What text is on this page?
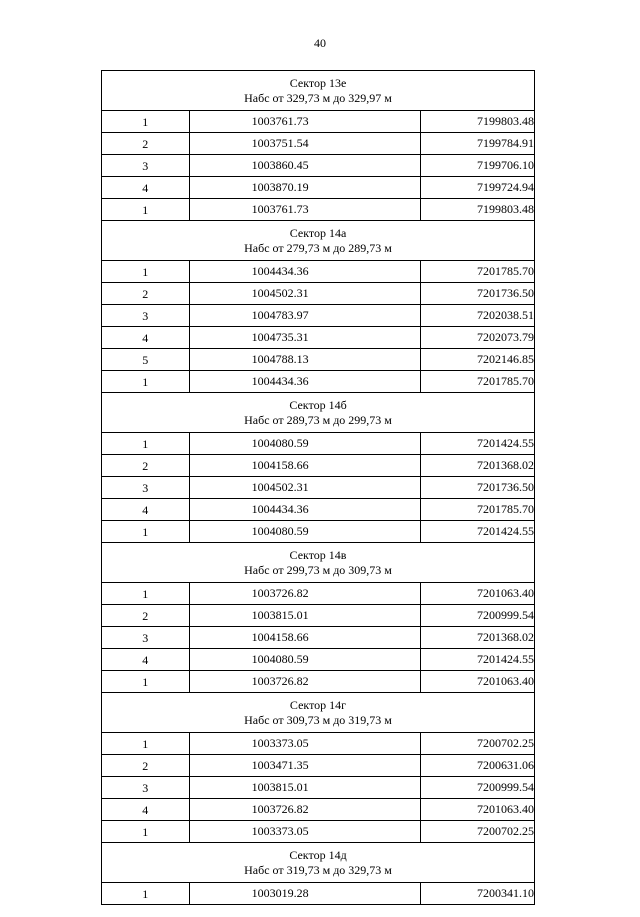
40
Сектор 13е
Набс от 329,73 м до 329,97 м		

1	1003761.73	7199803.48
2	1003751.54	7199784.91
3	1003860.45	7199706.10
4	1003870.19	7199724.94
1	1003761.73	7199803.48

Сектор 14а
Набс от 279,73 м до 289,73 м		

1	1004434.36	7201785.70
2	1004502.31	7201736.50
3	1004783.97	7202038.51
4	1004735.31	7202073.79
5	1004788.13	7202146.85
1	1004434.36	7201785.70

Сектор 14б
Набс от 289,73 м до 299,73 м		

1	1004080.59	7201424.55
2	1004158.66	7201368.02
3	1004502.31	7201736.50
4	1004434.36	7201785.70
1	1004080.59	7201424.55

Сектор 14в
Набс от 299,73 м до 309,73 м		

1	1003726.82	7201063.40
2	1003815.01	7200999.54
3	1004158.66	7201368.02
4	1004080.59	7201424.55
1	1003726.82	7201063.40

Сектор 14г
Набс от 309,73 м до 319,73 м		

1	1003373.05	7200702.25
2	1003471.35	7200631.06
3	1003815.01	7200999.54
4	1003726.82	7201063.40
1	1003373.05	7200702.25

Сектор 14д
Набс от 319,73 м до 329,73 м		

1	1003019.28	7200341.10
